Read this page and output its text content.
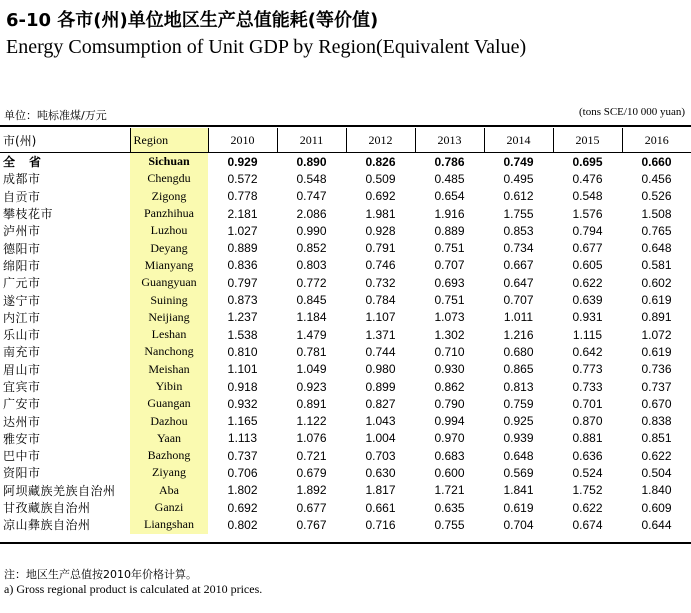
6-10 各市(州)单位地区生产总值能耗(等价值)
Energy Comsumption of Unit GDP by Region(Equivalent Value)
单位：吨标准煤/万元	(tons SCE/10 000 yuan)
市(州)	Region	2010	2011	2012	2013	2014	2015	2016
全省	Sichuan	0.929	0.890	0.826	0.786	0.749	0.695	0.660
成都市	Chengdu	0.572	0.548	0.509	0.485	0.495	0.476	0.456
自贡市	Zigong	0.778	0.747	0.692	0.654	0.612	0.548	0.526
攀枝花市	Panzhihua	2.181	2.086	1.981	1.916	1.755	1.576	1.508
泸州市	Luzhou	1.027	0.990	0.928	0.889	0.853	0.794	0.765
德阳市	Deyang	0.889	0.852	0.791	0.751	0.734	0.677	0.648
绵阳市	Mianyang	0.836	0.803	0.746	0.707	0.667	0.605	0.581
广元市	Guangyuan	0.797	0.772	0.732	0.693	0.647	0.622	0.602
遂宁市	Suining	0.873	0.845	0.784	0.751	0.707	0.639	0.619
内江市	Neijiang	1.237	1.184	1.107	1.073	1.011	0.931	0.891
乐山市	Leshan	1.538	1.479	1.371	1.302	1.216	1.115	1.072
南充市	Nanchong	0.810	0.781	0.744	0.710	0.680	0.642	0.619
眉山市	Meishan	1.101	1.049	0.980	0.930	0.865	0.773	0.736
宜宾市	Yibin	0.918	0.923	0.899	0.862	0.813	0.733	0.737
广安市	Guangan	0.932	0.891	0.827	0.790	0.759	0.701	0.670
达州市	Dazhou	1.165	1.122	1.043	0.994	0.925	0.870	0.838
雅安市	Yaan	1.113	1.076	1.004	0.970	0.939	0.881	0.851
巴中市	Bazhong	0.737	0.721	0.703	0.683	0.648	0.636	0.622
资阳市	Ziyang	0.706	0.679	0.630	0.600	0.569	0.524	0.504
阿坝藏族羌族自治州	Aba	1.802	1.892	1.817	1.721	1.841	1.752	1.840
甘孜藏族自治州	Ganzi	0.692	0.677	0.661	0.635	0.619	0.622	0.609
凉山彝族自治州	Liangshan	0.802	0.767	0.716	0.755	0.704	0.674	0.644
注：地区生产总值按2010年价格计算。
a) Gross regional product is calculated at 2010 prices.
